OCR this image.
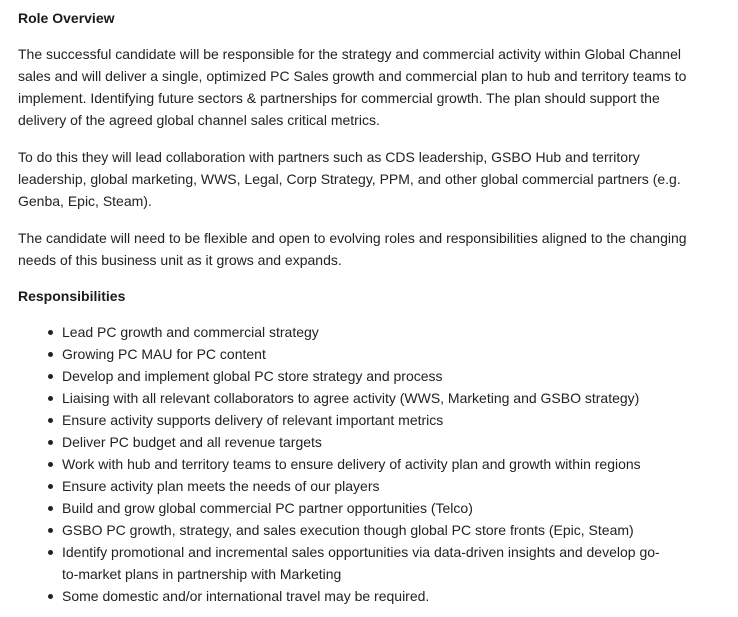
Role Overview

The successful candidate will be responsible for the strategy and commercial activity within Global Channel sales and will deliver a single, optimized PC Sales growth and commercial plan to hub and territory teams to implement. Identifying future sectors & partnerships for commercial growth. The plan should support the delivery of the agreed global channel sales critical metrics.

To do this they will lead collaboration with partners such as CDS leadership, GSBO Hub and territory leadership, global marketing, WWS, Legal, Corp Strategy, PPM, and other global commercial partners (e.g. Genba, Epic, Steam).

The candidate will need to be flexible and open to evolving roles and responsibilities aligned to the changing needs of this business unit as it grows and expands.

Responsibilities
Lead PC growth and commercial strategy
Growing PC MAU for PC content
Develop and implement global PC store strategy and process
Liaising with all relevant collaborators to agree activity (WWS, Marketing and GSBO strategy)
Ensure activity supports delivery of relevant important metrics
Deliver PC budget and all revenue targets
Work with hub and territory teams to ensure delivery of activity plan and growth within regions
Ensure activity plan meets the needs of our players
Build and grow global commercial PC partner opportunities (Telco)
GSBO PC growth, strategy, and sales execution though global PC store fronts (Epic, Steam)
Identify promotional and incremental sales opportunities via data-driven insights and develop go-to-market plans in partnership with Marketing
Some domestic and/or international travel may be required.
